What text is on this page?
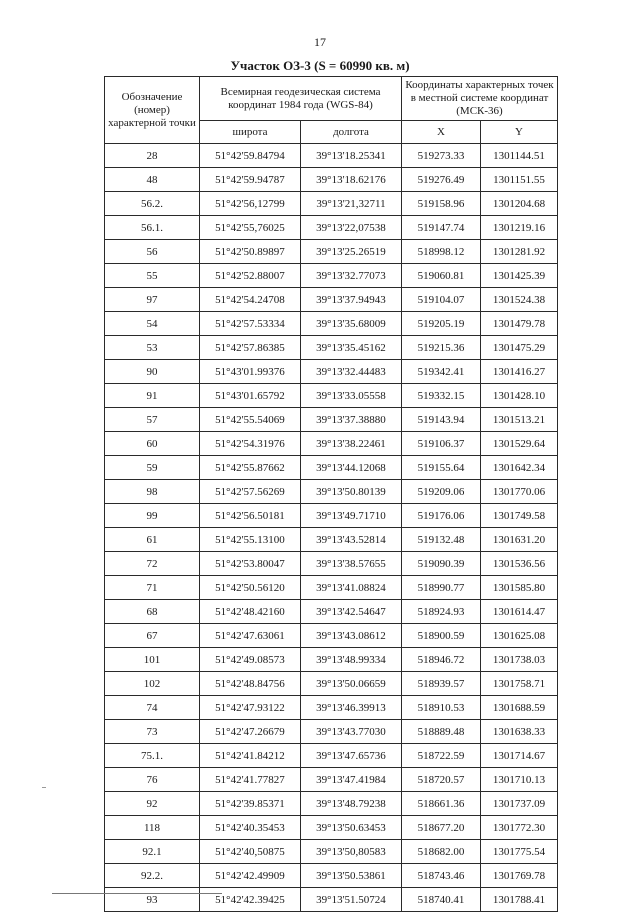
17
Участок ОЗ-3 (S = 60990 кв. м)
Обозначение (номер) характерной точки	Всемирная геодезическая система координат 1984 года (WGS-84)		Координаты характерных точек в местной системе координат (МСК-36)	
	широта	долгота	X	Y
28	51°42'59.84794	39°13'18.25341	519273.33	1301144.51
48	51°42'59.94787	39°13'18.62176	519276.49	1301151.55
56.2.	51°42'56,12799	39°13'21,32711	519158.96	1301204.68
56.1.	51°42'55,76025	39°13'22,07538	519147.74	1301219.16
56	51°42'50.89897	39°13'25.26519	518998.12	1301281.92
55	51°42'52.88007	39°13'32.77073	519060.81	1301425.39
97	51°42'54.24708	39°13'37.94943	519104.07	1301524.38
54	51°42'57.53334	39°13'35.68009	519205.19	1301479.78
53	51°42'57.86385	39°13'35.45162	519215.36	1301475.29
90	51°43'01.99376	39°13'32.44483	519342.41	1301416.27
91	51°43'01.65792	39°13'33.05558	519332.15	1301428.10
57	51°42'55.54069	39°13'37.38880	519143.94	1301513.21
60	51°42'54.31976	39°13'38.22461	519106.37	1301529.64
59	51°42'55.87662	39°13'44.12068	519155.64	1301642.34
98	51°42'57.56269	39°13'50.80139	519209.06	1301770.06
99	51°42'56.50181	39°13'49.71710	519176.06	1301749.58
61	51°42'55.13100	39°13'43.52814	519132.48	1301631.20
72	51°42'53.80047	39°13'38.57655	519090.39	1301536.56
71	51°42'50.56120	39°13'41.08824	518990.77	1301585.80
68	51°42'48.42160	39°13'42.54647	518924.93	1301614.47
67	51°42'47.63061	39°13'43.08612	518900.59	1301625.08
101	51°42'49.08573	39°13'48.99334	518946.72	1301738.03
102	51°42'48.84756	39°13'50.06659	518939.57	1301758.71
74	51°42'47.93122	39°13'46.39913	518910.53	1301688.59
73	51°42'47.26679	39°13'43.77030	518889.48	1301638.33
75.1.	51°42'41.84212	39°13'47.65736	518722.59	1301714.67
76	51°42'41.77827	39°13'47.41984	518720.57	1301710.13
92	51°42'39.85371	39°13'48.79238	518661.36	1301737.09
118	51°42'40.35453	39°13'50.63453	518677.20	1301772.30
92.1	51°42'40,50875	39°13'50,80583	518682.00	1301775.54
92.2.	51°42'42.49909	39°13'50.53861	518743.46	1301769.78
93	51°42'42.39425	39°13'51.50724	518740.41	1301788.41
